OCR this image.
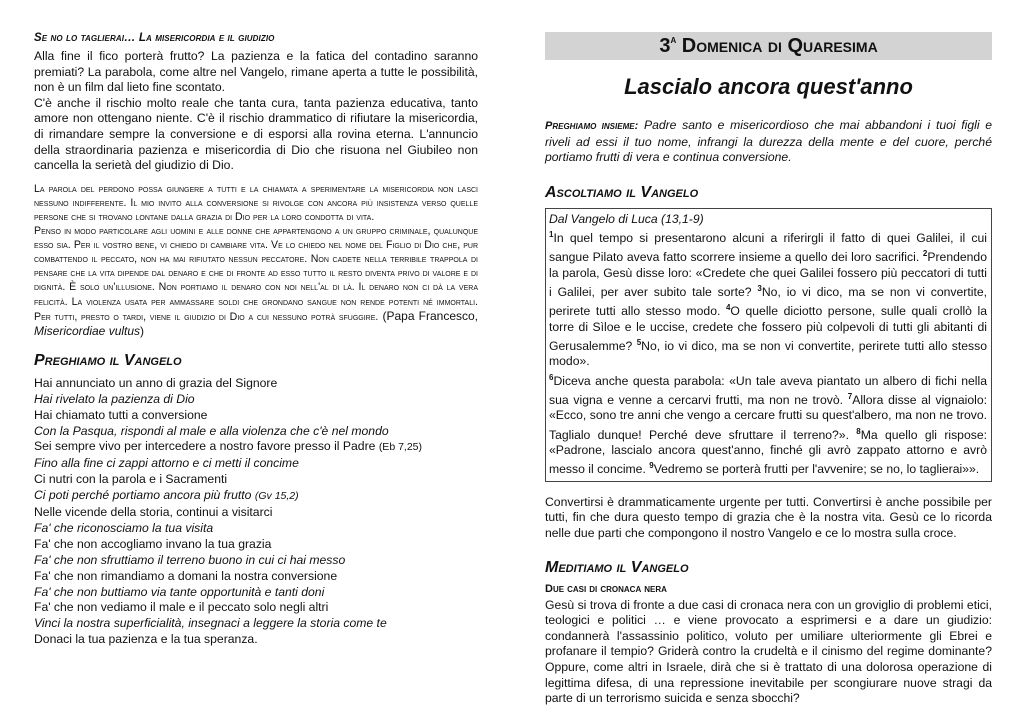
Se no lo taglierai… La misericordia e il giudizio

Alla fine il fico porterà frutto? La pazienza e la fatica del contadino saranno premiati? La parabola, come altre nel Vangelo, rimane aperta a tutte le possibilità, non è un film dal lieto fine scontato.

C'è anche il rischio molto reale che tanta cura, tanta pazienza educativa, tanto amore non ottengano niente. C'è il rischio drammatico di rifiutare la misericordia, di rimandare sempre la conversione e di esporsi alla rovina eterna. L'annuncio della straordinaria pazienza e misericordia di Dio che risuona nel Giubileo non cancella la serietà del giudizio di Dio.

La parola del perdono possa giungere a tutti e la chiamata a sperimentare la misericordia non lasci nessuno indifferente. Il mio invito alla conversione si rivolge con ancora più insistenza verso quelle persone che si trovano lontane dalla grazia di Dio per la loro condotta di vita.

Penso in modo particolare agli uomini e alle donne che appartengono a un gruppo criminale, qualunque esso sia. Per il vostro bene, vi chiedo di cambiare vita. Ve lo chiedo nel nome del Figlio di Dio che, pur combattendo il peccato, non ha mai rifiutato nessun peccatore. Non cadete nella terribile trappola di pensare che la vita dipende dal denaro e che di fronte ad esso tutto il resto diventa privo di valore e di dignità. È solo un'illusione. Non portiamo il denaro con noi nell'al di là. Il denaro non ci dà la vera felicità. La violenza usata per ammassare soldi che grondano sangue non rende potenti né immortali. Per tutti, presto o tardi, viene il giudizio di Dio a cui nessuno potrà sfuggire. (Papa Francesco, Misericordiae vultus)

Preghiamo il Vangelo
Hai annunciato un anno di grazia del Signore
Hai rivelato la pazienza di Dio
Hai chiamato tutti a conversione
Con la Pasqua, rispondi al male e alla violenza che c'è nel mondo
Sei sempre vivo per intercedere a nostro favore presso il Padre (Eb 7,25)
Fino alla fine ci zappi attorno e ci metti il concime
Ci nutri con la parola e i Sacramenti
Ci poti perché portiamo ancora più frutto (Gv 15,2)
Nelle vicende della storia, continui a visitarci
Fa' che riconosciamo la tua visita
Fa' che non accogliamo invano la tua grazia
Fa' che non sfruttiamo il terreno buono in cui ci hai messo
Fa' che non rimandiamo a domani la nostra conversione
Fa' che non buttiamo via tante opportunità e tanti doni
Fa' che non vediamo il male e il peccato solo negli altri
Vinci la nostra superficialità, insegnaci a leggere la storia come te
Donaci la tua pazienza e la tua speranza.
3$^a$ Domenica di Quaresima
Lascialo ancora quest'anno

Preghiamo insieme: Padre santo e misericordioso che mai abbandoni i tuoi figli e riveli ad essi il tuo nome, infrangi la durezza della mente e del cuore, perché portiamo frutti di vera e continua conversione.

Ascoltiamo il Vangelo
Dal Vangelo di Luca (13,1-9)
$^1$In quel tempo si presentarono alcuni a riferirgli il fatto di quei Galilei, il cui sangue Pilato aveva fatto scorrere insieme a quello dei loro sacrifici. $^2$Prendendo la parola, Gesù disse loro: «Credete che quei Galilei fossero più peccatori di tutti i Galilei, per aver subito tale sorte? $^3$No, io vi dico, ma se non vi convertite, perirete tutti allo stesso modo. $^4$O quelle diciotto persone, sulle quali crollò la torre di Sìloe e le uccise, credete che fossero più colpevoli di tutti gli abitanti di Gerusalemme? $^5$No, io vi dico, ma se non vi convertite, perirete tutti allo stesso modo».
$^6$Diceva anche questa parabola: «Un tale aveva piantato un albero di fichi nella sua vigna e venne a cercarvi frutti, ma non ne trovò. $^7$Allora disse al vignaiolo: «Ecco, sono tre anni che vengo a cercare frutti su quest'albero, ma non ne trovo. Taglialo dunque! Perché deve sfruttare il terreno?». $^8$Ma quello gli rispose: «Padrone, lascialo ancora quest'anno, finché gli avrò zappato attorno e avrò messo il concime. $^9$Vedremo se porterà frutti per l'avvenire; se no, lo taglierai»».

Convertirsi è drammaticamente urgente per tutti. Convertirsi è anche possibile per tutti, fin che dura questo tempo di grazia che è la nostra vita. Gesù ce lo ricorda nelle due parti che compongono il nostro Vangelo e ce lo mostra sulla croce.

Meditiamo il Vangelo
Due casi di cronaca nera

Gesù si trova di fronte a due casi di cronaca nera con un groviglio di problemi etici, teologici e politici … e viene provocato a esprimersi e a dare un giudizio: condannerà l'assassinio politico, voluto per umiliare ulteriormente gli Ebrei e profanare il tempio? Griderà contro la crudeltà e il cinismo del regime dominante? Oppure, come altri in Israele, dirà che si è trattato di una dolorosa operazione di legittima difesa, di una repressione inevitabile per scongiurare nuove stragi da parte di un terrorismo suicida e senza sbocchi?
